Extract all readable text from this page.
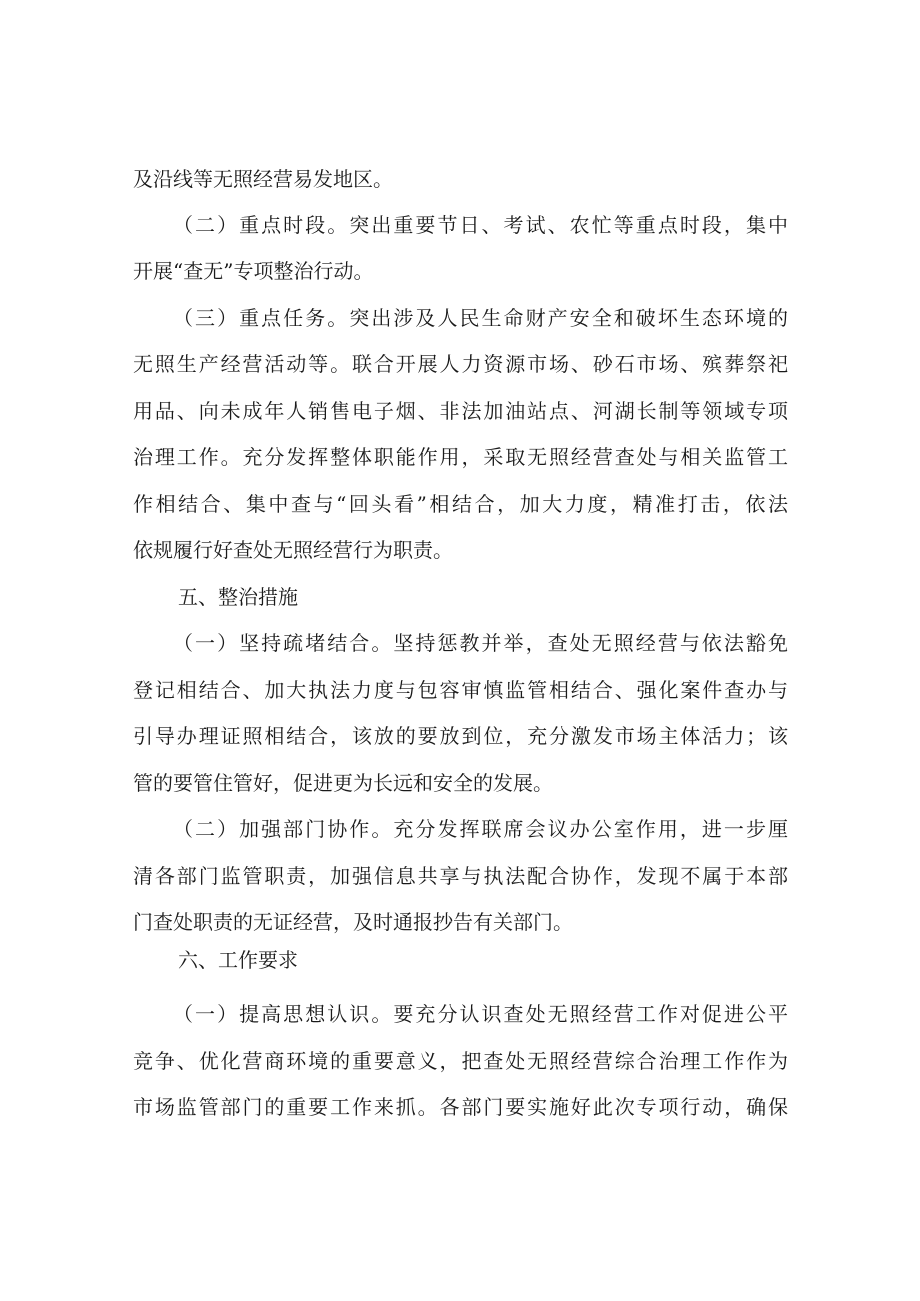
及沿线等无照经营易发地区。
（二）重点时段。突出重要节日、考试、农忙等重点时段，集中
开展“查无”专项整治行动。
（三）重点任务。突出涉及人民生命财产安全和破坏生态环境的
无照生产经营活动等。联合开展人力资源市场、砂石市场、殡葬祭祀
用品、向未成年人销售电子烟、非法加油站点、河湖长制等领域专项
治理工作。充分发挥整体职能作用，采取无照经营查处与相关监管工
作相结合、集中查与“回头看”相结合，加大力度，精准打击，依法
依规履行好查处无照经营行为职责。
五、整治措施
（一）坚持疏堵结合。坚持惩教并举，查处无照经营与依法豁免
登记相结合、加大执法力度与包容审慎监管相结合、强化案件查办与
引导办理证照相结合，该放的要放到位，充分激发市场主体活力；该
管的要管住管好，促进更为长远和安全的发展。
（二）加强部门协作。充分发挥联席会议办公室作用，进一步厘
清各部门监管职责，加强信息共享与执法配合协作，发现不属于本部
门查处职责的无证经营，及时通报抄告有关部门。
六、工作要求
（一）提高思想认识。要充分认识查处无照经营工作对促进公平
竞争、优化营商环境的重要意义，把查处无照经营综合治理工作作为
市场监管部门的重要工作来抓。各部门要实施好此次专项行动，确保
